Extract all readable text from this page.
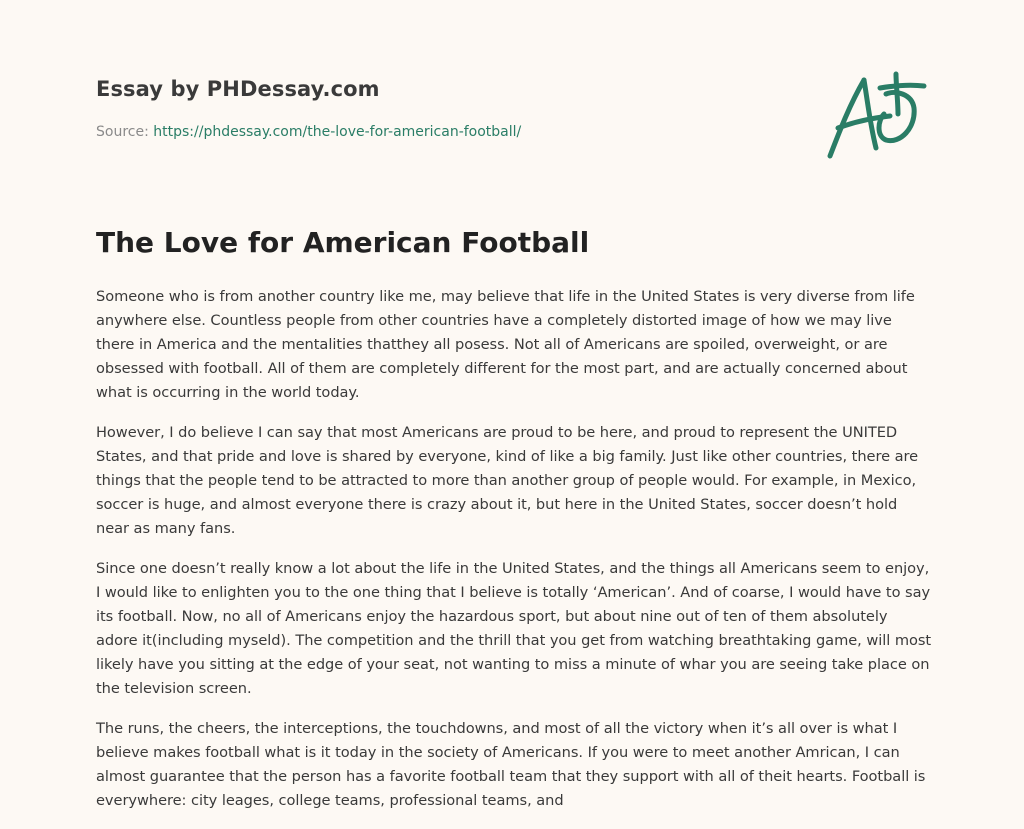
Essay by PHDessay.com
Source: https://phdessay.com/the-love-for-american-football/
The Love for American Football

Someone who is from another country like me, may believe that life in the United States is very diverse from life anywhere else. Countless people from other countries have a completely distorted image of how we may live there in America and the mentalities thatthey all posess. Not all of Americans are spoiled, overweight, or are obsessed with football. All of them are completely different for the most part, and are actually concerned about what is occurring in the world today.

However, I do believe I can say that most Americans are proud to be here, and proud to represent the UNITED States, and that pride and love is shared by everyone, kind of like a big family. Just like other countries, there are things that the people tend to be attracted to more than another group of people would. For example, in Mexico, soccer is huge, and almost everyone there is crazy about it, but here in the United States, soccer doesn’t hold near as many fans.

Since one doesn’t really know a lot about the life in the United States, and the things all Americans seem to enjoy, I would like to enlighten you to the one thing that I believe is totally ‘American’. And of coarse, I would have to say its football. Now, no all of Americans enjoy the hazardous sport, but about nine out of ten of them absolutely adore it(including myseld). The competition and the thrill that you get from watching breathtaking game, will most likely have you sitting at the edge of your seat, not wanting to miss a minute of whar you are seeing take place on the television screen.

The runs, the cheers, the interceptions, the touchdowns, and most of all the victory when it’s all over is what I believe makes football what is it today in the society of Americans. If you were to meet another Amrican, I can almost guarantee that the person has a favorite football team that they support with all of theit hearts. Football is everywhere: city leages, college teams, professional teams, and
